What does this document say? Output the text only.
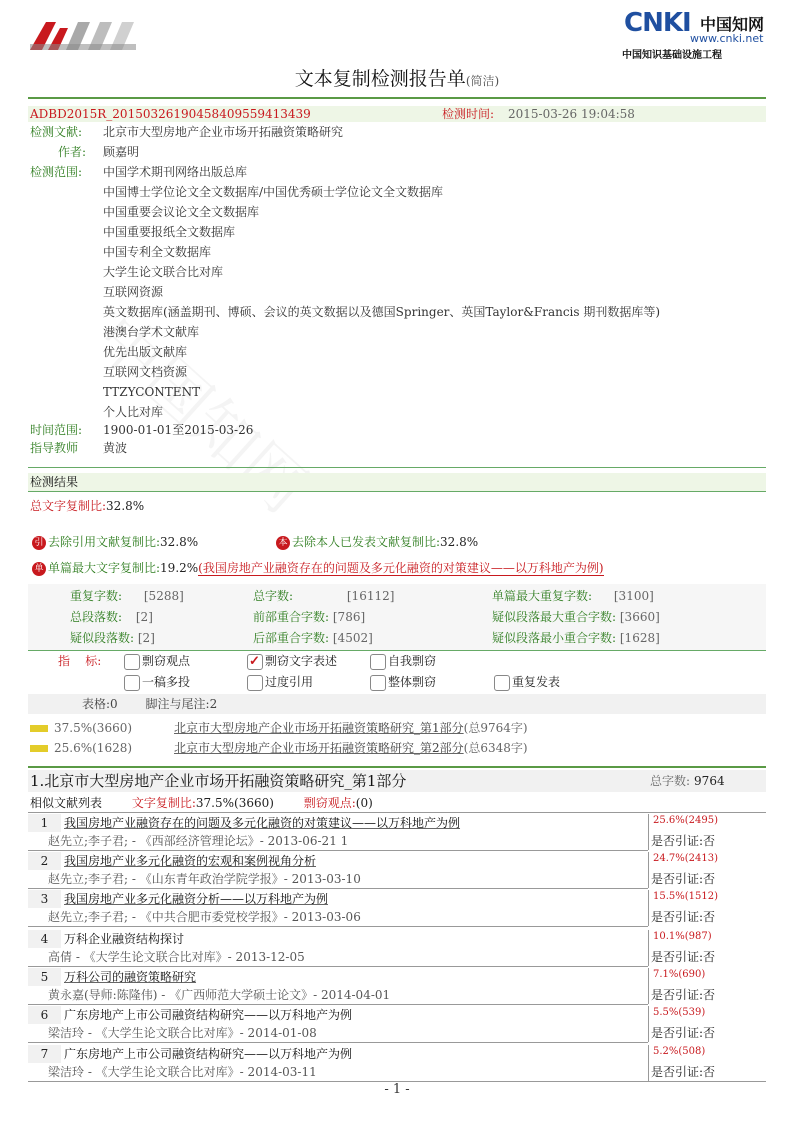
CNKI 中国知网
www.cnki.net
中国知识基础设施工程
文本复制检测报告单(简洁)
ADBD2015R_20150326190458409559413439	检测时间: 2015-03-26 19:04:58
检测文献: 北京市大型房地产企业市场开拓融资策略研究
作者: 顾嘉明
检测范围: 中国学术期刊网络出版总库
中国博士学位论文全文数据库/中国优秀硕士学位论文全文数据库
中国重要会议论文全文数据库
中国重要报纸全文数据库
中国专利全文数据库
大学生论文联合比对库
互联网资源
英文数据库(涵盖期刊、博硕、会议的英文数据以及德国Springer、英国Taylor&Francis 期刊数据库等)
港澳台学术文献库
优先出版文献库
互联网文档资源
TTZYCONTENT
个人比对库
时间范围: 1900-01-01至2015-03-26
指导教师 黄波
检测结果
总文字复制比:32.8%
引 去除引用文献复制比:32.8%	本 去除本人已发表文献复制比:32.8%
单 单篇最大文字复制比:19.2%(我国房地产业融资存在的问题及多元化融资的对策建议——以万科地产为例)
重复字数: [5288]	总字数:	[16112]	单篇最大重复字数: [3100]
总段落数: [2]	前部重合字数: [786]	疑似段落最大重合字数: [3660]
疑似段落数: [2]	后部重合字数: [4502]	疑似段落最小重合字数: [1628]
指    标:	剽窃观点
✓	剽窃文字表述	自我剽窃
一稿多投	过度引用	整体剽窃	重复发表
表格:0 脚注与尾注:2
37.5%(3660)	北京市大型房地产企业市场开拓融资策略研究_第1部分(总9764字)
25.6%(1628)	北京市大型房地产企业市场开拓融资策略研究_第2部分(总6348字)
1.北京市大型房地产企业市场开拓融资策略研究_第1部分	总字数: 9764
相似文献列表 文字复制比:37.5%(3660) 剽窃观点:(0)
1	我国房地产业融资存在的问题及多元化融资的对策建议——以万科地产为例
赵先立;李子君; - 《西部经济管理论坛》- 2013-06-21 1
25.6%(2495)
是否引证:否
2	我国房地产业多元化融资的宏观和案例视角分析
赵先立;李子君; - 《山东青年政治学院学报》- 2013-03-10
24.7%(2413)
是否引证:否
3	我国房地产业多元化融资分析——以万科地产为例
赵先立;李子君; - 《中共合肥市委党校学报》- 2013-03-06
15.5%(1512)
是否引证:否
4	万科企业融资结构探讨
高倩 - 《大学生论文联合比对库》- 2013-12-05
10.1%(987)
是否引证:否
5	万科公司的融资策略研究
黄永嘉(导师:陈隆伟) - 《广西师范大学硕士论文》- 2014-04-01
7.1%(690)
是否引证:否
6	广东房地产上市公司融资结构研究——以万科地产为例
梁洁玲 - 《大学生论文联合比对库》- 2014-01-08
5.5%(539)
是否引证:否
7	广东房地产上市公司融资结构研究——以万科地产为例
梁洁玲 - 《大学生论文联合比对库》- 2014-03-11
5.2%(508)
是否引证:否
- 1 -
